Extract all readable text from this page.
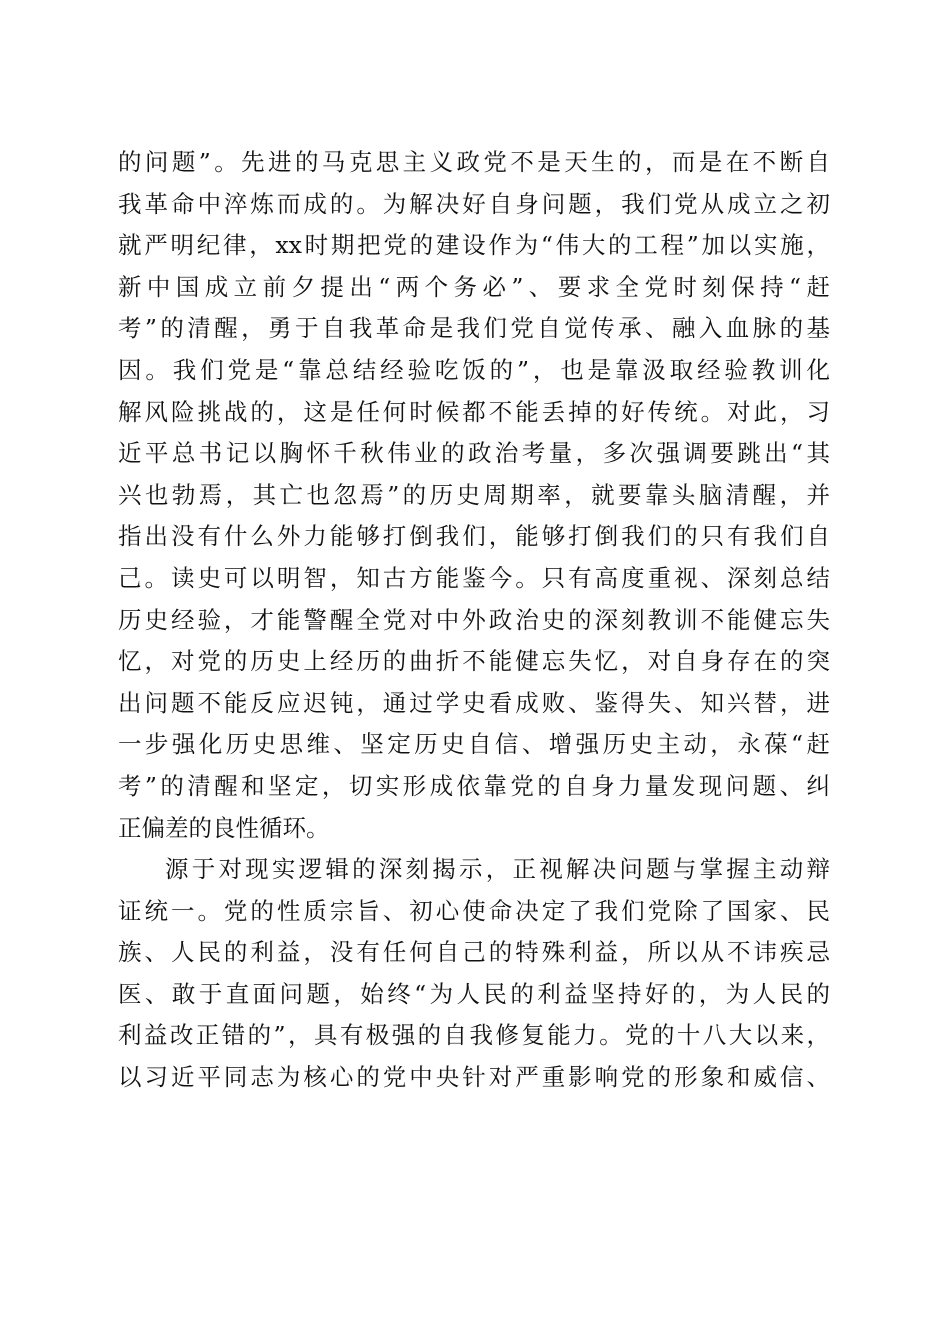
的问题”。先进的马克思主义政党不是天生的，而是在不断自
我革命中淬炼而成的。为解决好自身问题，我们党从成立之初
就严明纪律，xx时期把党的建设作为“伟大的工程”加以实施，
新中国成立前夕提出“两个务必”、要求全党时刻保持“赶
考”的清醒，勇于自我革命是我们党自觉传承、融入血脉的基
因。我们党是“靠总结经验吃饭的”，也是靠汲取经验教训化
解风险挑战的，这是任何时候都不能丢掉的好传统。对此，习
近平总书记以胸怀千秋伟业的政治考量，多次强调要跳出“其
兴也勃焉，其亡也忽焉”的历史周期率，就要靠头脑清醒，并
指出没有什么外力能够打倒我们，能够打倒我们的只有我们自
己。读史可以明智，知古方能鉴今。只有高度重视、深刻总结
历史经验，才能警醒全党对中外政治史的深刻教训不能健忘失
忆，对党的历史上经历的曲折不能健忘失忆，对自身存在的突
出问题不能反应迟钝，通过学史看成败、鉴得失、知兴替，进
一步强化历史思维、坚定历史自信、增强历史主动，永葆“赶
考”的清醒和坚定，切实形成依靠党的自身力量发现问题、纠
正偏差的良性循环。
源于对现实逻辑的深刻揭示，正视解决问题与掌握主动辩
证统一。党的性质宗旨、初心使命决定了我们党除了国家、民
族、人民的利益，没有任何自己的特殊利益，所以从不讳疾忌
医、敢于直面问题，始终“为人民的利益坚持好的，为人民的
利益改正错的”，具有极强的自我修复能力。党的十八大以来，
以习近平同志为核心的党中央针对严重影响党的形象和威信、
